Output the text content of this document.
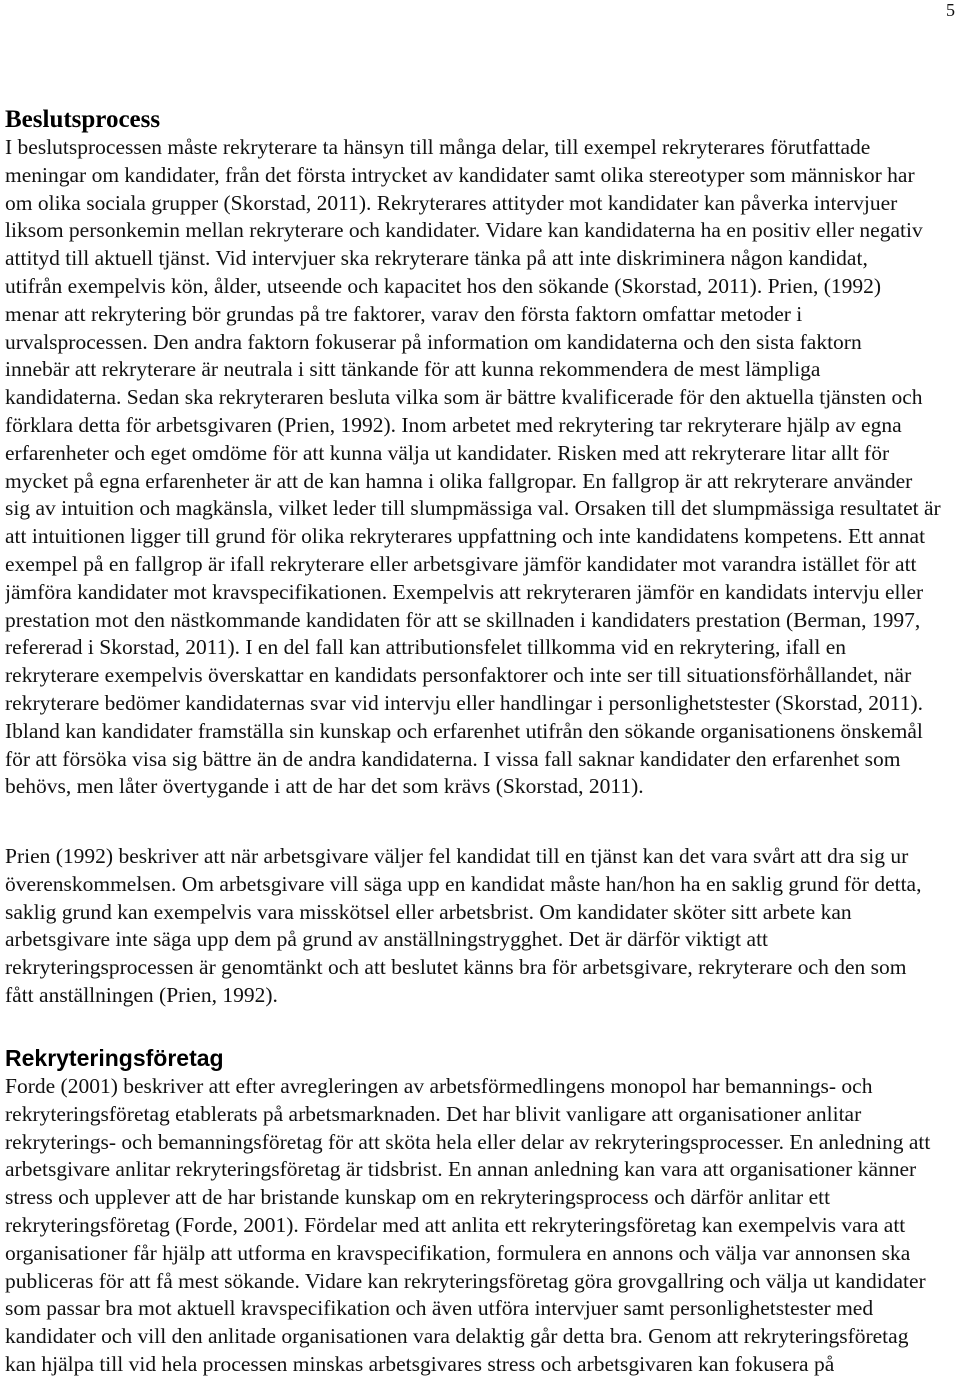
5
Beslutsprocess
I beslutsprocessen måste rekryterare ta hänsyn till många delar, till exempel rekryterares förutfattade
meningar om kandidater, från det första intrycket av kandidater samt olika stereotyper som människor har
om olika sociala grupper (Skorstad, 2011). Rekryterares attityder mot kandidater kan påverka intervjuer
liksom personkemin mellan rekryterare och kandidater. Vidare kan kandidaterna ha en positiv eller negativ
attityd till aktuell tjänst. Vid intervjuer ska rekryterare tänka på att inte diskriminera någon kandidat,
utifrån exempelvis kön, ålder, utseende och kapacitet hos den sökande (Skorstad, 2011). Prien, (1992)
menar att rekrytering bör grundas på tre faktorer, varav den första faktorn omfattar metoder i
urvalsprocessen. Den andra faktorn fokuserar på information om kandidaterna och den sista faktorn
innebär att rekryterare är neutrala i sitt tänkande för att kunna rekommendera de mest lämpliga
kandidaterna. Sedan ska rekryteraren besluta vilka som är bättre kvalificerade för den aktuella tjänsten och
förklara detta för arbetsgivaren (Prien, 1992). Inom arbetet med rekrytering tar rekryterare hjälp av egna
erfarenheter och eget omdöme för att kunna välja ut kandidater. Risken med att rekryterare litar allt för
mycket på egna erfarenheter är att de kan hamna i olika fallgropar. En fallgrop är att rekryterare använder
sig av intuition och magkänsla, vilket leder till slumpmässiga val. Orsaken till det slumpmässiga resultatet är
att intuitionen ligger till grund för olika rekryterares uppfattning och inte kandidatens kompetens. Ett annat
exempel på en fallgrop är ifall rekryterare eller arbetsgivare jämför kandidater mot varandra istället för att
jämföra kandidater mot kravspecifikationen. Exempelvis att rekryteraren jämför en kandidats intervju eller
prestation mot den nästkommande kandidaten för att se skillnaden i kandidaters prestation (Berman, 1997,
refererad i Skorstad, 2011). I en del fall kan attributionsfelet tillkomma vid en rekrytering, ifall en
rekryterare exempelvis överskattar en kandidats personfaktorer och inte ser till situationsförhållandet, när
rekryterare bedömer kandidaternas svar vid intervju eller handlingar i personlighetstester (Skorstad, 2011).
Ibland kan kandidater framställa sin kunskap och erfarenhet utifrån den sökande organisationens önskemål
för att försöka visa sig bättre än de andra kandidaterna. I vissa fall saknar kandidater den erfarenhet som
behövs, men låter övertygande i att de har det som krävs (Skorstad, 2011).
Prien (1992) beskriver att när arbetsgivare väljer fel kandidat till en tjänst kan det vara svårt att dra sig ur
överenskommelsen. Om arbetsgivare vill säga upp en kandidat måste han/hon ha en saklig grund för detta,
saklig grund kan exempelvis vara misskötsel eller arbetsbrist. Om kandidater sköter sitt arbete kan
arbetsgivare inte säga upp dem på grund av anställningstrygghet. Det är därför viktigt att
rekryteringsprocessen är genomtänkt och att beslutet känns bra för arbetsgivare, rekryterare och den som
fått anställningen (Prien, 1992).
Rekryteringsföretag
Forde (2001) beskriver att efter avregleringen av arbetsförmedlingens monopol har bemannings- och
rekryteringsföretag etablerats på arbetsmarknaden. Det har blivit vanligare att organisationer anlitar
rekryterings- och bemanningsföretag för att sköta hela eller delar av rekryteringsprocesser. En anledning att
arbetsgivare anlitar rekryteringsföretag är tidsbrist. En annan anledning kan vara att organisationer känner
stress och upplever att de har bristande kunskap om en rekryteringsprocess och därför anlitar ett
rekryteringsföretag (Forde, 2001). Fördelar med att anlita ett rekryteringsföretag kan exempelvis vara att
organisationer får hjälp att utforma en kravspecifikation, formulera en annons och välja var annonsen ska
publiceras för att få mest sökande. Vidare kan rekryteringsföretag göra grovgallring och välja ut kandidater
som passar bra mot aktuell kravspecifikation och även utföra intervjuer samt personlighetstester med
kandidater och vill den anlitade organisationen vara delaktig går detta bra. Genom att rekryteringsföretag
kan hjälpa till vid hela processen minskas arbetsgivares stress och arbetsgivaren kan fokusera på
